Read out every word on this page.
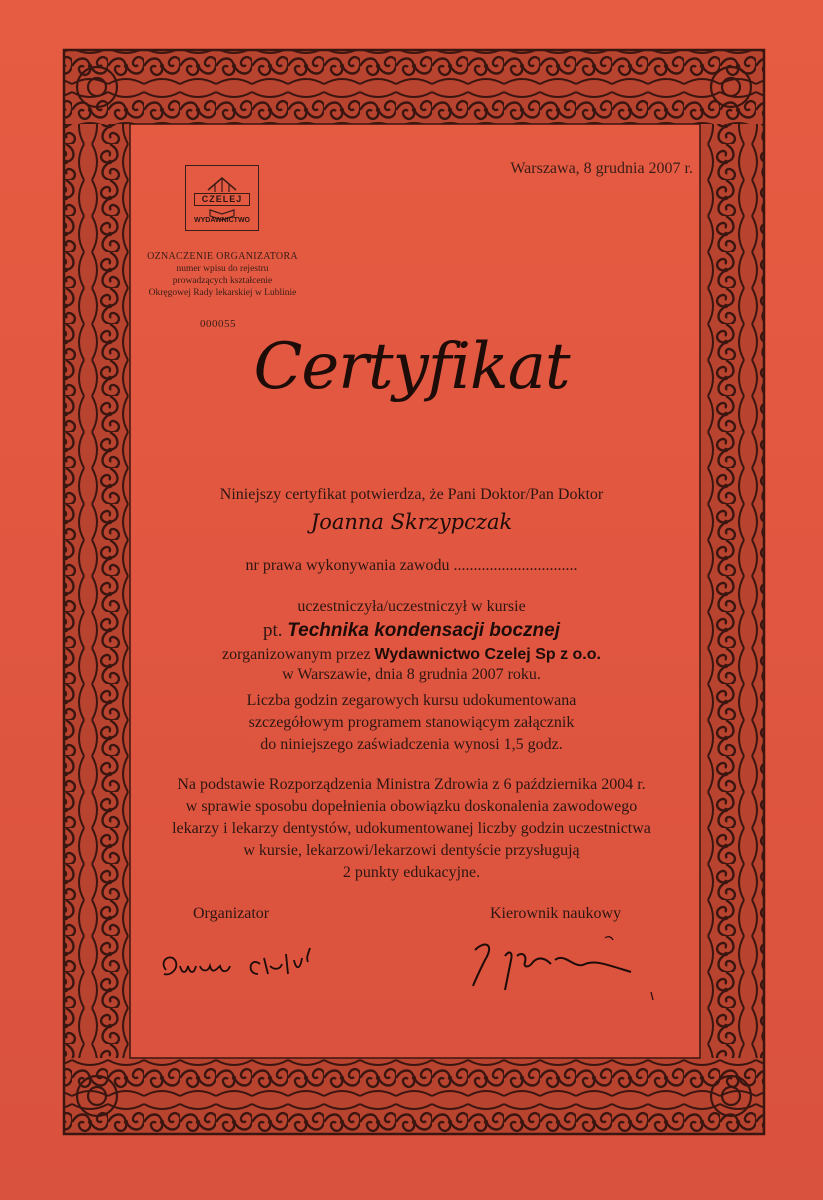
Warszawa, 8 grudnia 2007 r.
CZELEJ
WYDAWNICTWO
OZNACZENIE ORGANIZATORA
numer wpisu do rejestru
prowadzących kształcenie
Okręgowej Rady lekarskiej w Lublinie
000055
Certyfikat
Niniejszy certyfikat potwierdza, że Pani Doktor/Pan Doktor
Joanna Skrzypczak
nr prawa wykonywania zawodu ...............................
uczestniczyła/uczestniczył w kursie
pt. Technika kondensacji bocznej
zorganizowanym przez Wydawnictwo Czelej Sp z o.o.
w Warszawie, dnia 8 grudnia 2007 roku.
Liczba godzin zegarowych kursu udokumentowana
szczegółowym programem stanowiącym załącznik
do niniejszego zaświadczenia wynosi 1,5 godz.
Na podstawie Rozporządzenia Ministra Zdrowia z 6 października 2004 r.
w sprawie sposobu dopełnienia obowiązku doskonalenia zawodowego
lekarzy i lekarzy dentystów, udokumentowanej liczby godzin uczestnictwa
w kursie, lekarzowi/lekarzowi dentyście przysługują
2 punkty edukacyjne.
Organizator	Kierownik naukowy
